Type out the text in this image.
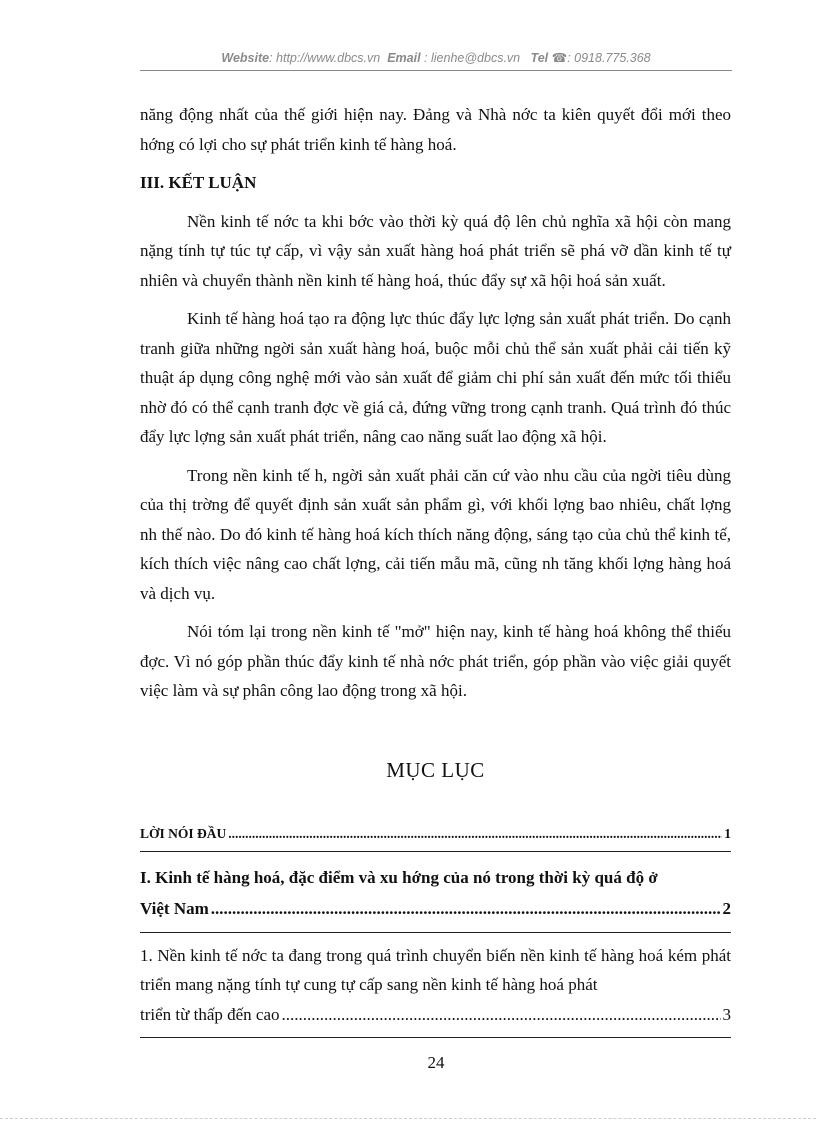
Website: http://www.dbcs.vn Email : lienhe@dbcs.vn Tel ☎: 0918.775.368

năng động nhất của thế giới hiện nay. Đảng và Nhà nớc ta kiên quyết đổi mới theo hớng có lợi cho sự phát triển kinh tế hàng hoá.

III. KẾT LUẬN

Nền kinh tế nớc ta khi bớc vào thời kỳ quá độ lên chủ nghĩa xã hội còn mang nặng tính tự túc tự cấp, vì vậy sản xuất hàng hoá phát triển sẽ phá vỡ dần kinh tế tự nhiên và chuyển thành nền kinh tế hàng hoá, thúc đẩy sự xã hội hoá sản xuất.

Kinh tế hàng hoá tạo ra động lực thúc đẩy lực lợng sản xuất phát triển. Do cạnh tranh giữa những ngời sản xuất hàng hoá, buộc mỗi chủ thể sản xuất phải cải tiến kỹ thuật áp dụng công nghệ mới vào sản xuất để giảm chi phí sản xuất đến mức tối thiểu nhờ đó có thể cạnh tranh đợc về giá cả, đứng vững trong cạnh tranh. Quá trình đó thúc đẩy lực lợng sản xuất phát triển, nâng cao năng suất lao động xã hội.

Trong nền kinh tế h, ngời sản xuất phải căn cứ vào nhu cầu của ngời tiêu dùng của thị trờng để quyết định sản xuất sản phẩm gì, với khối lợng bao nhiêu, chất lợng nh thế nào. Do đó kinh tế hàng hoá kích thích năng động, sáng tạo của chủ thể kinh tế, kích thích việc nâng cao chất lợng, cải tiến mẫu mã, cũng nh tăng khối lợng hàng hoá và dịch vụ.

Nói tóm lại trong nền kinh tế "mở" hiện nay, kinh tế hàng hoá không thể thiếu đợc. Vì nó góp phần thúc đẩy kinh tế nhà nớc phát triển, góp phần vào việc giải quyết việc làm và sự phân công lao động trong xã hội.

MỤC LỤC
LỜI NÓI ĐẦU .....	1
I. Kinh tế hàng hoá, đặc điểm và xu hớng của nó trong thời kỳ quá độ ở
Việt Nam .....	2
1. Nền kinh tế nớc ta đang trong quá trình chuyển biến nền kinh tế hàng hoá kém phát triển mang nặng tính tự cung tự cấp sang nền kinh tế hàng hoá phát
triển từ thấp đến cao .....	3
24
